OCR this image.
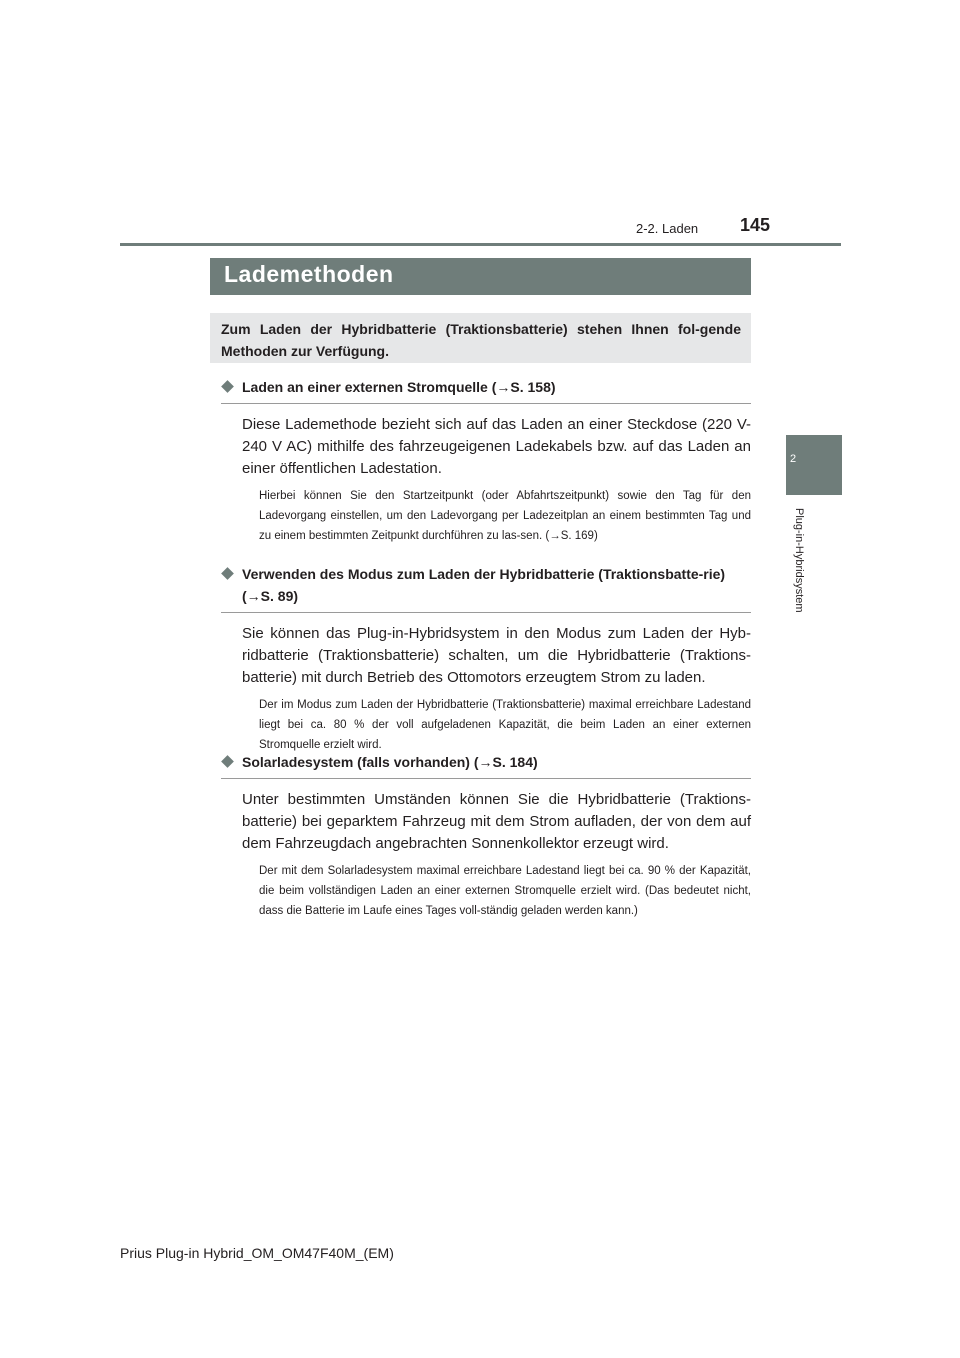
2-2. Laden 145
2
Plug-in-Hybridsystem
Lademethoden
Zum Laden der Hybridbatterie (Traktionsbatterie) stehen Ihnen fol-gende Methoden zur Verfügung.
Laden an einer externen Stromquelle (→S. 158)
Diese Lademethode bezieht sich auf das Laden an einer Steckdose (220 V-240 V AC) mithilfe des fahrzeugeigenen Ladekabels bzw. auf das Laden an einer öffentlichen Ladestation.
Hierbei können Sie den Startzeitpunkt (oder Abfahrtszeitpunkt) sowie den Tag für den Ladevorgang einstellen, um den Ladevorgang per Ladezeitplan an einem bestimmten Tag und zu einem bestimmten Zeitpunkt durchführen zu las-sen. (→S. 169)
Verwenden des Modus zum Laden der Hybridbatterie (Traktionsbatte-rie) (→S. 89)
Sie können das Plug-in-Hybridsystem in den Modus zum Laden der Hyb-ridbatterie (Traktionsbatterie) schalten, um die Hybridbatterie (Traktions-batterie) mit durch Betrieb des Ottomotors erzeugtem Strom zu laden.
Der im Modus zum Laden der Hybridbatterie (Traktionsbatterie) maximal erreichbare Ladestand liegt bei ca. 80 % der voll aufgeladenen Kapazität, die beim Laden an einer externen Stromquelle erzielt wird.
Solarladesystem (falls vorhanden) (→S. 184)
Unter bestimmten Umständen können Sie die Hybridbatterie (Traktions-batterie) bei geparktem Fahrzeug mit dem Strom aufladen, der von dem auf dem Fahrzeugdach angebrachten Sonnenkollektor erzeugt wird.
Der mit dem Solarladesystem maximal erreichbare Ladestand liegt bei ca. 90 % der Kapazität, die beim vollständigen Laden an einer externen Stromquelle erzielt wird. (Das bedeutet nicht, dass die Batterie im Laufe eines Tages voll-ständig geladen werden kann.)
Prius Plug-in Hybrid_OM_OM47F40M_(EM)
